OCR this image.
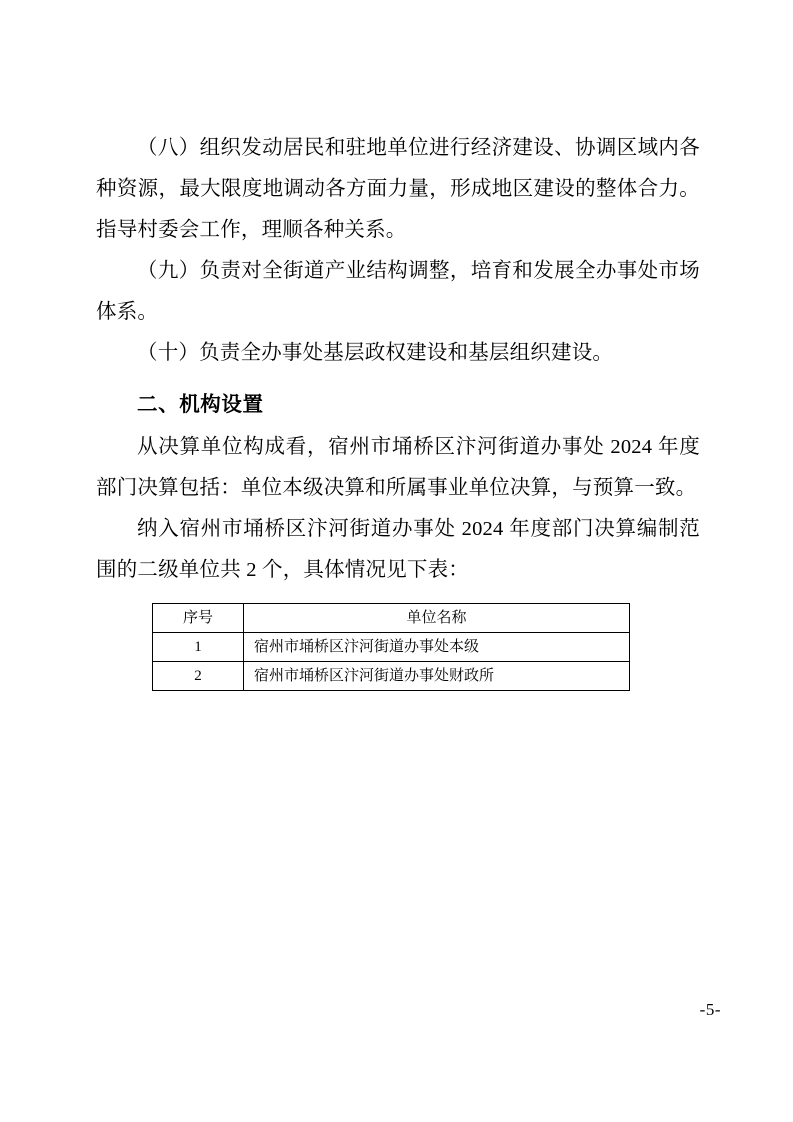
（八）组织发动居民和驻地单位进行经济建设、协调区域内各种资源，最大限度地调动各方面力量，形成地区建设的整体合力。指导村委会工作，理顺各种关系。

（九）负责对全街道产业结构调整，培育和发展全办事处市场体系。

（十）负责全办事处基层政权建设和基层组织建设。

二、机构设置

从决算单位构成看，宿州市埇桥区汴河街道办事处 2024 年度部门决算包括：单位本级决算和所属事业单位决算，与预算一致。

纳入宿州市埇桥区汴河街道办事处 2024 年度部门决算编制范围的二级单位共 2 个，具体情况见下表：

序号	单位名称
1	宿州市埇桥区汴河街道办事处本级
2	宿州市埇桥区汴河街道办事处财政所
-5-
